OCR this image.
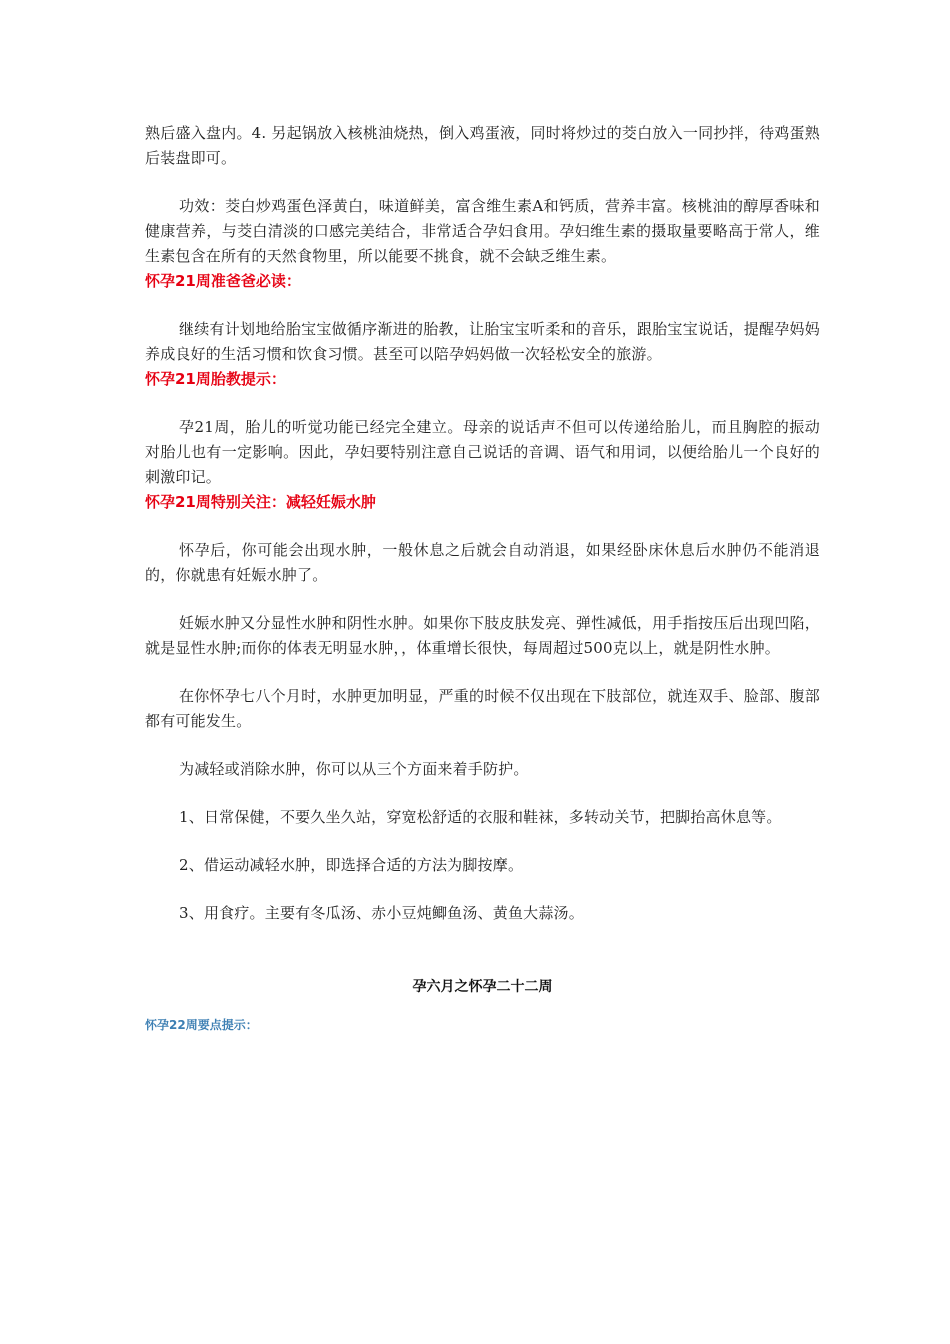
熟后盛入盘内。4. 另起锅放入核桃油烧热，倒入鸡蛋液，同时将炒过的茭白放入一同抄拌，待鸡蛋熟后装盘即可。

功效：茭白炒鸡蛋色泽黄白，味道鲜美，富含维生素A和钙质，营养丰富。核桃油的醇厚香味和健康营养，与茭白清淡的口感完美结合，非常适合孕妇食用。孕妇维生素的摄取量要略高于常人，维生素包含在所有的天然食物里，所以能要不挑食，就不会缺乏维生素。

怀孕21周准爸爸必读：

继续有计划地给胎宝宝做循序渐进的胎教，让胎宝宝听柔和的音乐，跟胎宝宝说话，提醒孕妈妈养成良好的生活习惯和饮食习惯。甚至可以陪孕妈妈做一次轻松安全的旅游。

怀孕21周胎教提示：

孕21周，胎儿的听觉功能已经完全建立。母亲的说话声不但可以传递给胎儿，而且胸腔的振动对胎儿也有一定影响。因此，孕妇要特别注意自己说话的音调、语气和用词，以便给胎儿一个良好的刺激印记。

怀孕21周特别关注：减轻妊娠水肿

怀孕后，你可能会出现水肿，一般休息之后就会自动消退，如果经卧床休息后水肿仍不能消退的，你就患有妊娠水肿了。

妊娠水肿又分显性水肿和阴性水肿。如果你下肢皮肤发亮、弹性减低，用手指按压后出现凹陷，就是显性水肿;而你的体表无明显水肿，，体重增长很快，每周超过500克以上，就是阴性水肿。

在你怀孕七八个月时，水肿更加明显，严重的时候不仅出现在下肢部位，就连双手、脸部、腹部都有可能发生。

为减轻或消除水肿，你可以从三个方面来着手防护。

1、日常保健，不要久坐久站，穿宽松舒适的衣服和鞋袜，多转动关节，把脚抬高休息等。

2、借运动减轻水肿，即选择合适的方法为脚按摩。

3、用食疗。主要有冬瓜汤、赤小豆炖鲫鱼汤、黄鱼大蒜汤。

孕六月之怀孕二十二周

怀孕22周要点提示：
